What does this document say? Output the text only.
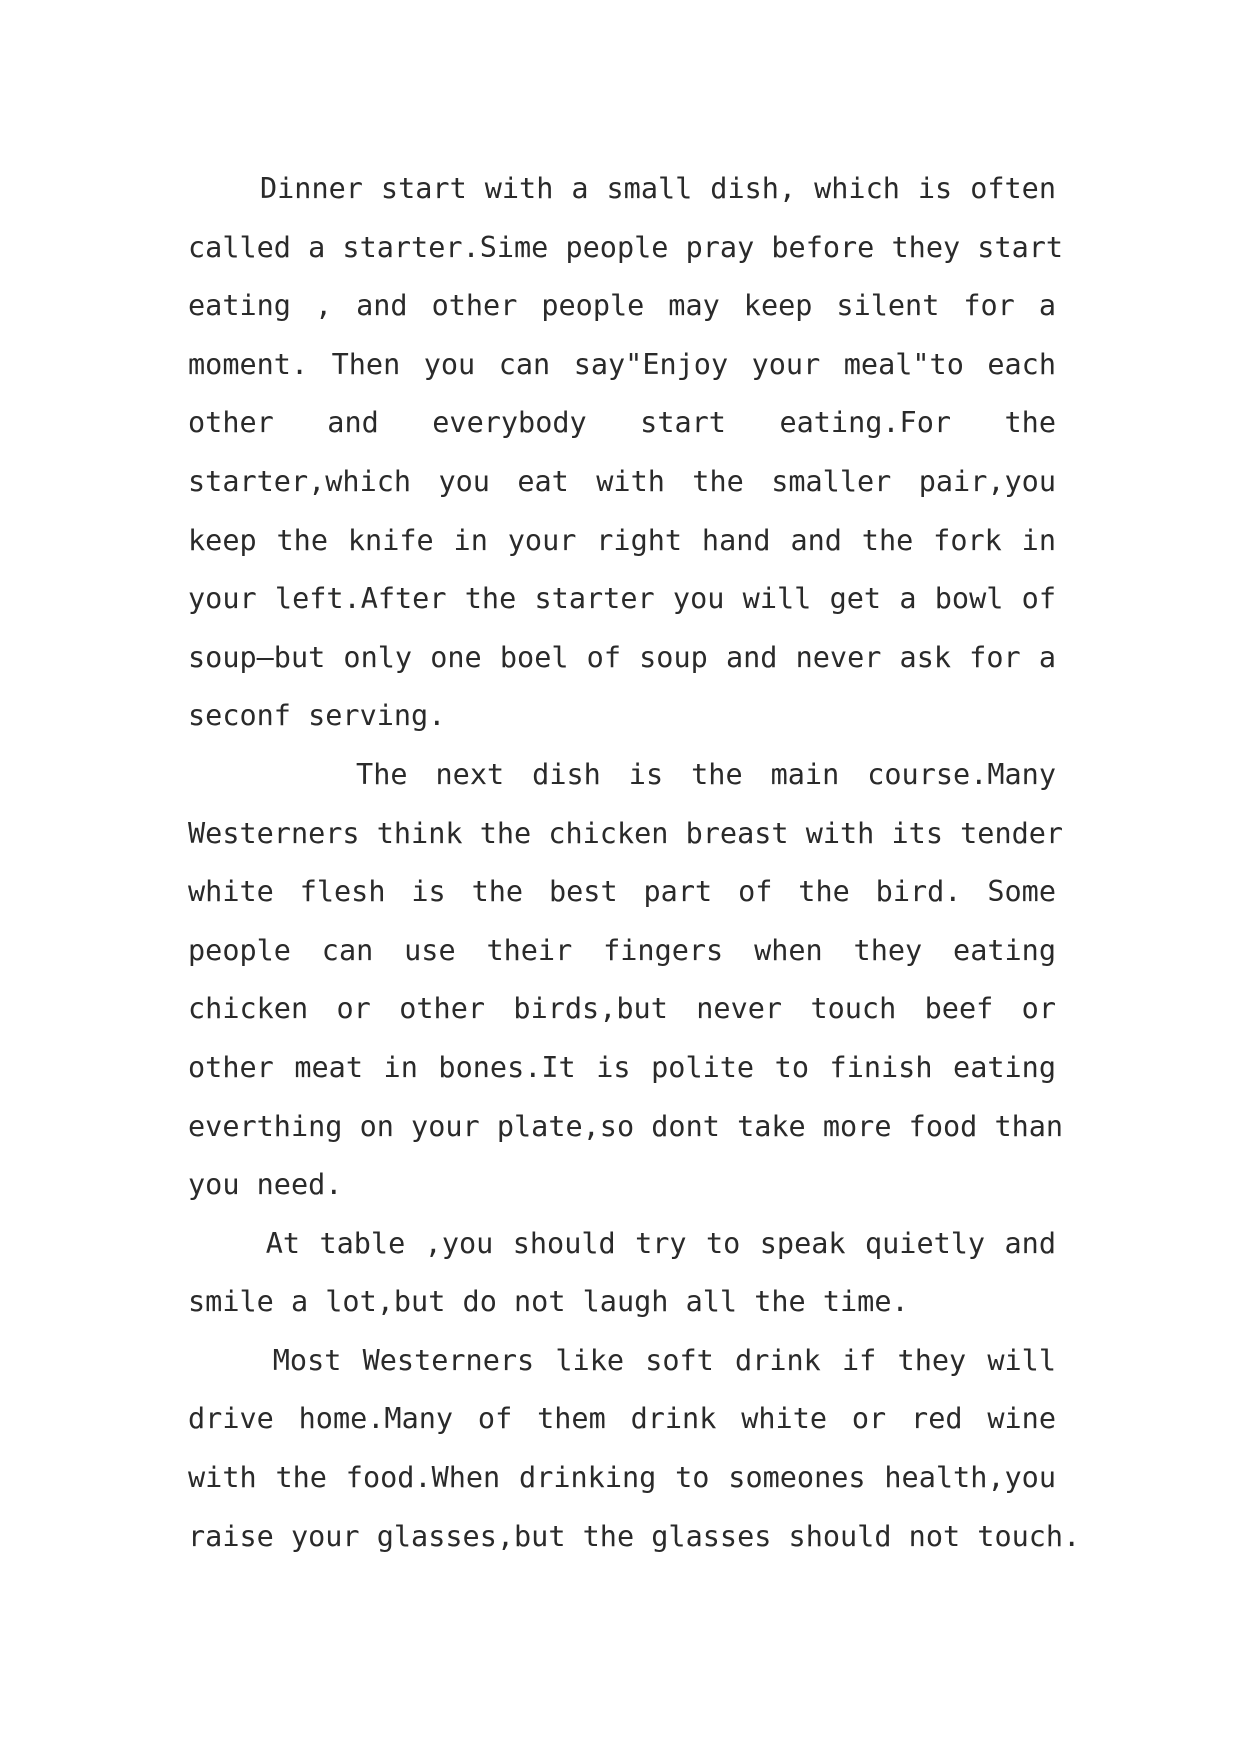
Dinner start with a small dish, which is often
called a starter.Sime people pray before they start
eating , and other people may keep silent for a
moment. Then you can say"Enjoy your meal"to each
other and everybody start eating.For the
starter,which you eat with the smaller pair,you
keep the knife in your right hand and the fork in
your left.After the starter you will get a bowl of
soup—but only one boel of soup and never ask for a
seconf serving.
The next dish is the main course.Many
Westerners think the chicken breast with its tender
white flesh is the best part of the bird. Some
people can use their fingers when they eating
chicken or other birds,but never touch beef or
other meat in bones.It is polite to finish eating
everthing on your plate,so dont take more food than
you need.
At table ,you should try to speak quietly and
smile a lot,but do not laugh all the time.
Most Westerners like soft drink if they will
drive home.Many of them drink white or red wine
with the food.When drinking to someones health,you
raise your glasses,but the glasses should not touch.
